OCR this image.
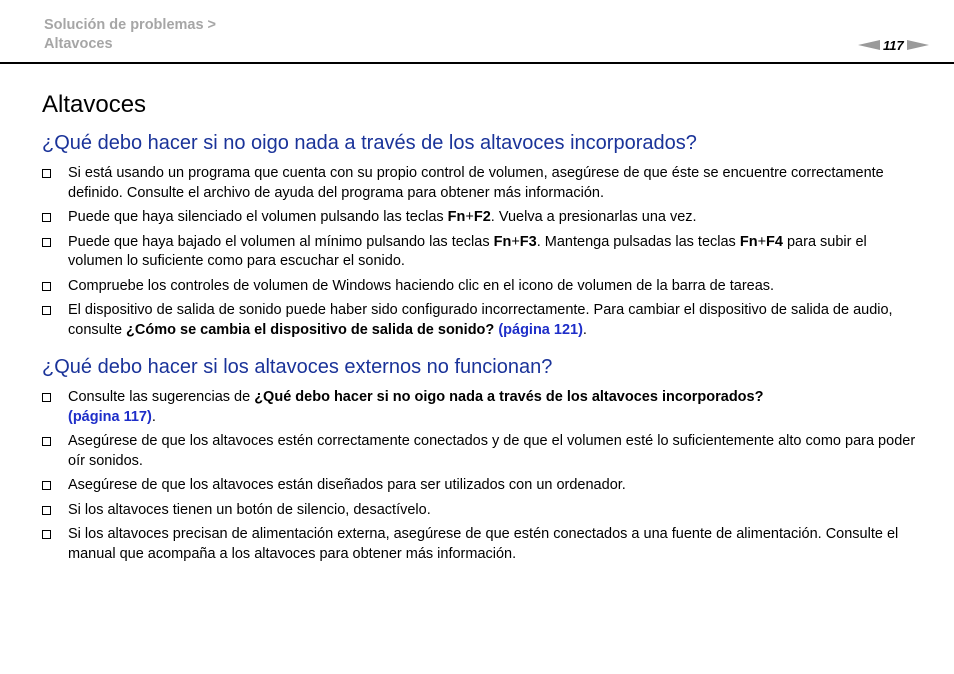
Solución de problemas >
Altavoces	117
Altavoces
¿Qué debo hacer si no oigo nada a través de los altavoces incorporados?
Si está usando un programa que cuenta con su propio control de volumen, asegúrese de que éste se encuentre correctamente definido. Consulte el archivo de ayuda del programa para obtener más información.
Puede que haya silenciado el volumen pulsando las teclas Fn+F2. Vuelva a presionarlas una vez.
Puede que haya bajado el volumen al mínimo pulsando las teclas Fn+F3. Mantenga pulsadas las teclas Fn+F4 para subir el volumen lo suficiente como para escuchar el sonido.
Compruebe los controles de volumen de Windows haciendo clic en el icono de volumen de la barra de tareas.
El dispositivo de salida de sonido puede haber sido configurado incorrectamente. Para cambiar el dispositivo de salida de audio, consulte ¿Cómo se cambia el dispositivo de salida de sonido? (página 121).
¿Qué debo hacer si los altavoces externos no funcionan?
Consulte las sugerencias de ¿Qué debo hacer si no oigo nada a través de los altavoces incorporados?
(página 117).
Asegúrese de que los altavoces estén correctamente conectados y de que el volumen esté lo suficientemente alto como para poder oír sonidos.
Asegúrese de que los altavoces están diseñados para ser utilizados con un ordenador.
Si los altavoces tienen un botón de silencio, desactívelo.
Si los altavoces precisan de alimentación externa, asegúrese de que estén conectados a una fuente de alimentación. Consulte el manual que acompaña a los altavoces para obtener más información.
